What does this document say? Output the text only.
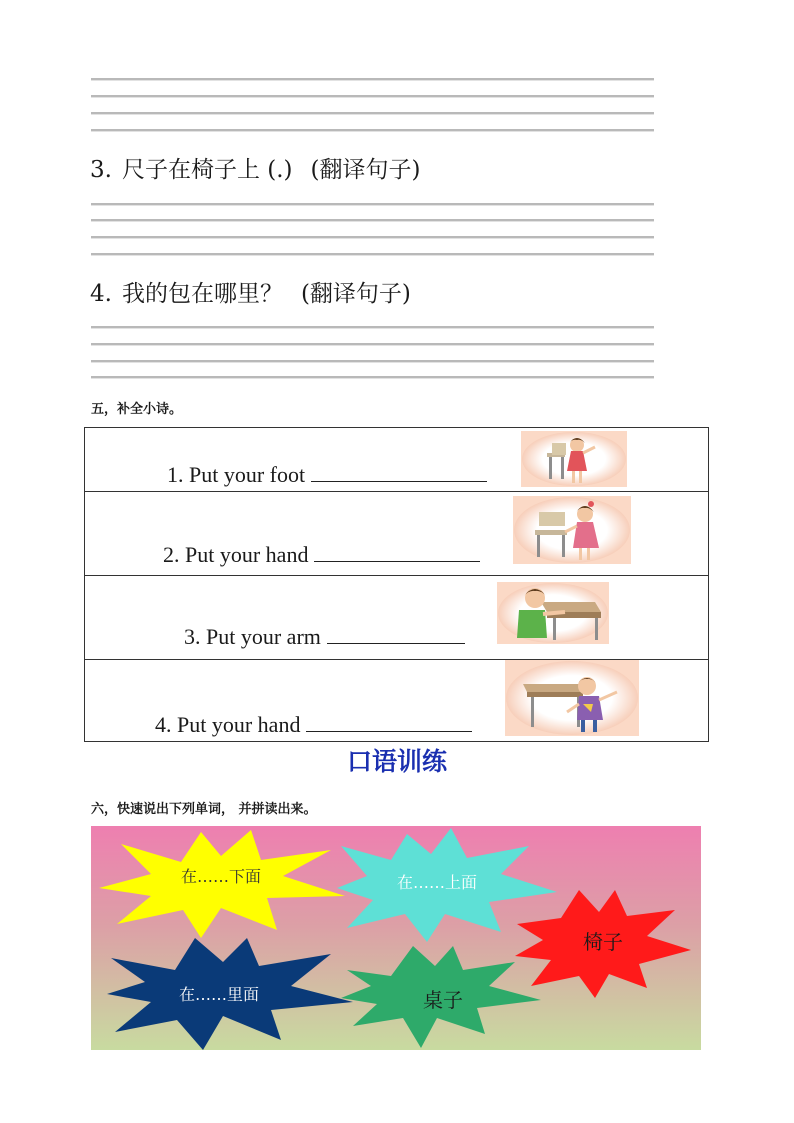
3. 尺子在椅子上 (.) (翻译句子)
4. 我的包在哪里？ (翻译句子)
五，补全小诗。
1. Put your foot
2. Put your hand
3. Put your arm
4. Put your hand
口语训练
六，快速说出下列单词， 并拼读出来。
在……下面	在……上面
椅子
在……里面	桌子
